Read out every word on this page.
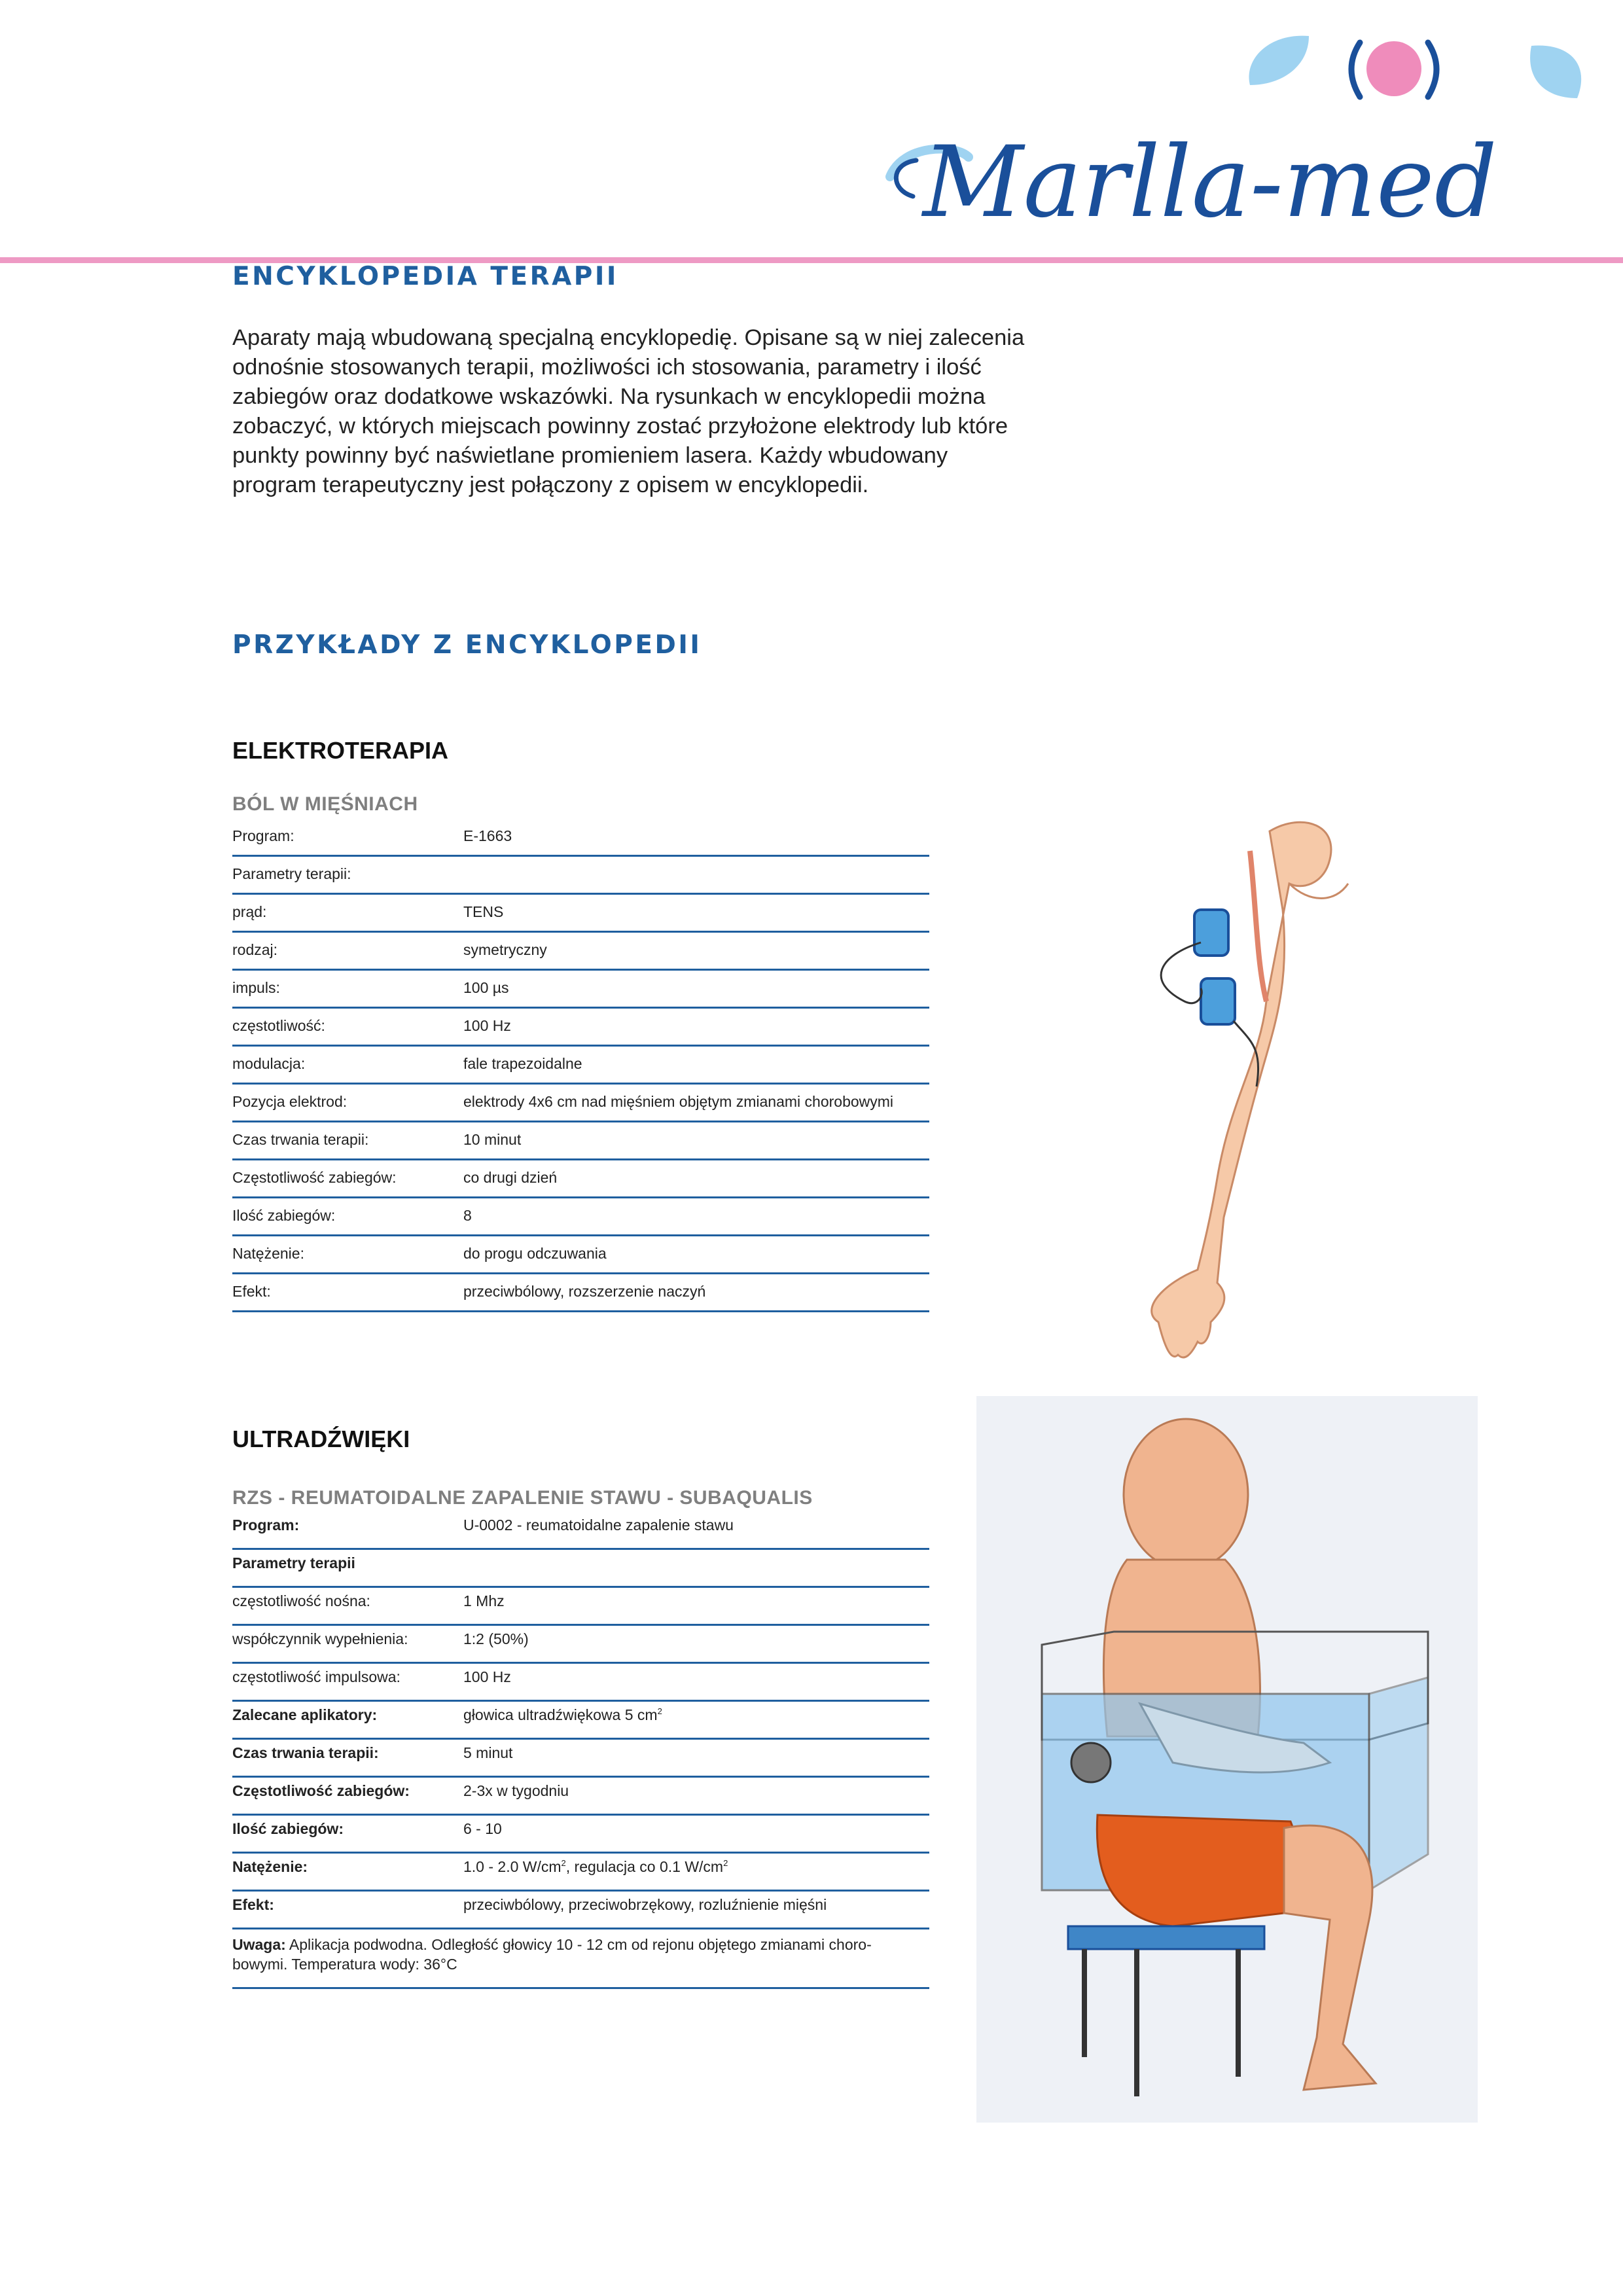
Marlla-med
ENCYKLOPEDIA TERAPII

Aparaty mają wbudowaną specjalną encyklopedię. Opisane są w niej zalecenia
odnośnie stosowanych terapii, możliwości ich stosowania, parametry i ilość
zabiegów oraz dodatkowe wskazówki. Na rysunkach w encyklopedii można
zobaczyć, w których miejscach powinny zostać przyłożone elektrody lub które
punkty powinny być naświetlane promieniem lasera. Każdy wbudowany
program terapeutyczny jest połączony z opisem w encyklopedii.

PRZYKŁADY Z ENCYKLOPEDII
ELEKTROTERAPIA
BÓL W MIĘŚNIACH
Program:	E-1663
Parametry terapii:
prąd:	TENS
rodzaj:	symetryczny
impuls:	100 µs
częstotliwość:	100 Hz
modulacja:	fale trapezoidalne
Pozycja elektrod:	elektrody 4x6 cm nad mięśniem objętym zmianami chorobowymi
Czas trwania terapii:	10 minut
Częstotliwość zabiegów:	co drugi dzień
Ilość zabiegów:	8
Natężenie:	do progu odczuwania
Efekt:	przeciwbólowy, rozszerzenie naczyń
ULTRADŹWIĘKI
RZS - REUMATOIDALNE ZAPALENIE STAWU - SUBAQUALIS
Program:	U-0002 - reumatoidalne zapalenie stawu
Parametry terapii
częstotliwość nośna:	1 Mhz
współczynnik wypełnienia:	1:2 (50%)
częstotliwość impulsowa:	100 Hz
Zalecane aplikatory:	głowica ultradźwiękowa 5 $cm^2$
Czas trwania terapii:	5 minut
Częstotliwość zabiegów:	2-3x w tygodniu
Ilość zabiegów:	6 - 10
Natężenie:	1.0 - 2.0 $W/cm^2$, regulacja co 0.1 $W/cm^2$
Efekt:	przeciwbólowy, przeciwobrzękowy, rozluźnienie mięśni
Uwaga: Aplikacja podwodna. Odległość głowicy 10 - 12 cm od rejonu objętego zmianami choro-
bowymi. Temperatura wody: 36°C
